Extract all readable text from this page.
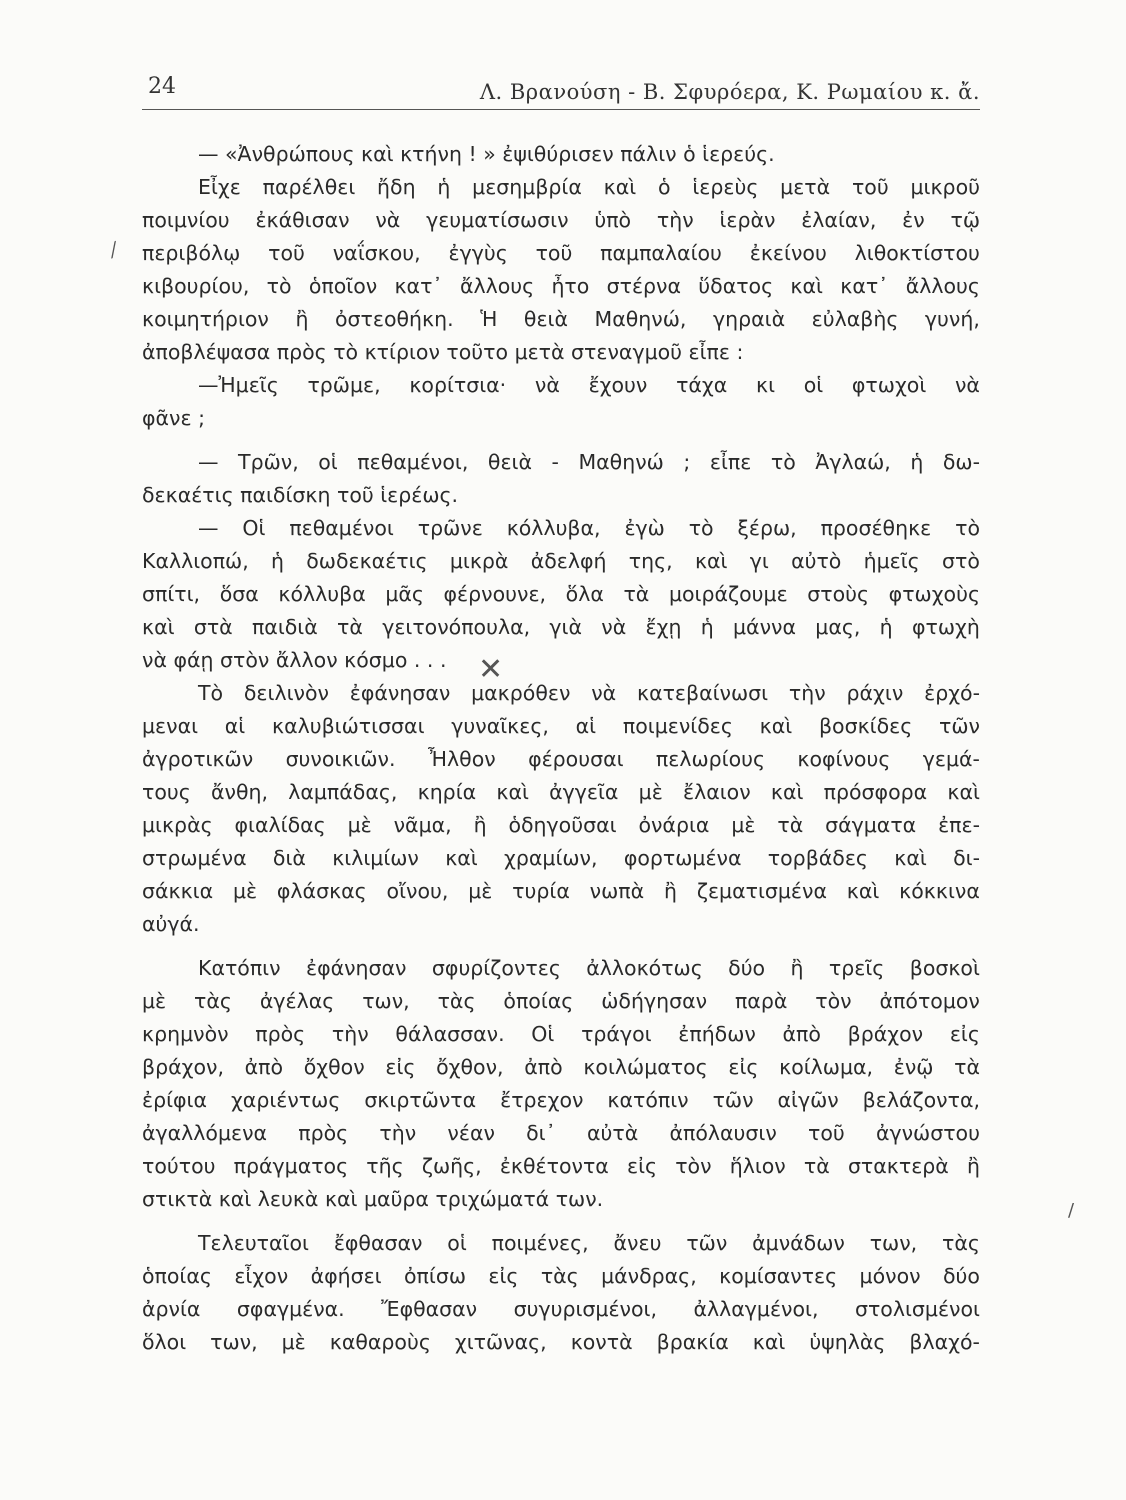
24	Λ. Βρανούση - Β. Σφυρόερα, Κ. Ρωμαίου κ. ἄ.
— «Ἀνθρώπους καὶ κτήνη ! » ἐψιθύρισεν πάλιν ὁ ἱερεύς.
Εἶχε παρέλθει ἤδη ἡ μεσημβρία καὶ ὁ ἱερεὺς μετὰ τοῦ μικροῦ
ποιμνίου ἐκάθισαν νὰ γευματίσωσιν ὑπὸ τὴν ἱερὰν ἐλαίαν, ἐν τῷ
περιβόλῳ τοῦ ναΐσκου, ἐγγὺς τοῦ παμπαλαίου ἐκείνου λιθοκτίστου
κιβουρίου, τὸ ὁποῖον κατ᾿ ἄλλους ἦτο στέρνα ὕδατος καὶ κατ᾿ ἄλλους
κοιμητήριον ἢ ὀστεοθήκη. Ἡ θειὰ Μαθηνώ, γηραιὰ εὐλαβὴς γυνή,
ἀποβλέψασα πρὸς τὸ κτίριον τοῦτο μετὰ στεναγμοῦ εἶπε :
—Ἠμεῖς τρῶμε, κορίτσια· νὰ ἔχουν τάχα κι οἱ φτωχοὶ νὰ
φᾶνε ;
— Τρῶν, οἱ πεθαμένοι, θειὰ - Μαθηνώ ; εἶπε τὸ Ἀγλαώ, ἡ δω-
δεκαέτις παιδίσκη τοῦ ἱερέως.
— Οἱ πεθαμένοι τρῶνε κόλλυβα, ἐγὼ τὸ ξέρω, προσέθηκε τὸ
Καλλιοπώ, ἡ δωδεκαέτις μικρὰ ἀδελφή της, καὶ γι αὐτὸ ἡμεῖς στὸ
σπίτι, ὅσα κόλλυβα μᾶς φέρνουνε, ὅλα τὰ μοιράζουμε στοὺς φτωχοὺς
καὶ στὰ παιδιὰ τὰ γειτονόπουλα, γιὰ νὰ ἔχῃ ἡ μάννα μας, ἡ φτωχὴ
νὰ φάῃ στὸν ἄλλον κόσμο . . .
Τὸ δειλινὸν ἐφάνησαν μακρόθεν νὰ κατεβαίνωσι τὴν ράχιν ἐρχό-
μεναι αἱ καλυβιώτισσαι γυναῖκες, αἱ ποιμενίδες καὶ βοσκίδες τῶν
ἀγροτικῶν συνοικιῶν. Ἦλθον φέρουσαι πελωρίους κοφίνους γεμά-
τους ἄνθη, λαμπάδας, κηρία καὶ ἀγγεῖα μὲ ἔλαιον καὶ πρόσφορα καὶ
μικρὰς φιαλίδας μὲ νᾶμα, ἢ ὁδηγοῦσαι ὀνάρια μὲ τὰ σάγματα ἐπε-
στρωμένα διὰ κιλιμίων καὶ χραμίων, φορτωμένα τορβάδες καὶ δι-
σάκκια μὲ φλάσκας οἴνου, μὲ τυρία νωπὰ ἢ ζεματισμένα καὶ κόκκινα
αὐγά.
Κατόπιν ἐφάνησαν σφυρίζοντες ἀλλοκότως δύο ἢ τρεῖς βοσκοὶ
μὲ τὰς ἀγέλας των, τὰς ὁποίας ὡδήγησαν παρὰ τὸν ἀπότομον
κρημνὸν πρὸς τὴν θάλασσαν. Οἱ τράγοι ἐπήδων ἀπὸ βράχον εἰς
βράχον, ἀπὸ ὄχθον εἰς ὄχθον, ἀπὸ κοιλώματος εἰς κοίλωμα, ἐνῷ τὰ
ἐρίφια χαριέντως σκιρτῶντα ἔτρεχον κατόπιν τῶν αἰγῶν βελάζοντα,
ἀγαλλόμενα πρὸς τὴν νέαν δι᾿ αὐτὰ ἀπόλαυσιν τοῦ ἀγνώστου
τούτου πράγματος τῆς ζωῆς, ἐκθέτοντα εἰς τὸν ἥλιον τὰ στακτερὰ ἢ
στικτὰ καὶ λευκὰ καὶ μαῦρα τριχώματά των.
Τελευταῖοι ἔφθασαν οἱ ποιμένες, ἄνευ τῶν ἀμνάδων των, τὰς
ὁποίας εἶχον ἀφήσει ὀπίσω εἰς τὰς μάνδρας, κομίσαντες μόνον δύο
ἀρνία σφαγμένα. Ἔφθασαν συγυρισμένοι, ἀλλαγμένοι, στολισμένοι
ὅλοι των, μὲ καθαροὺς χιτῶνας, κοντὰ βρακία καὶ ὑψηλὰς βλαχό-
⁄
✕
/
